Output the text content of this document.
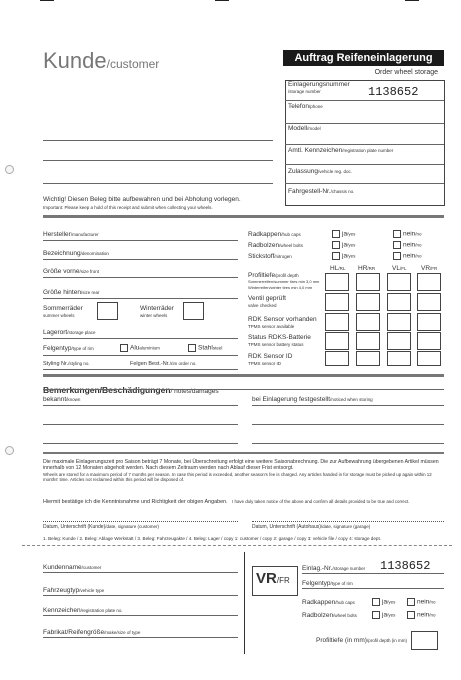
Kunde/customer	Auftrag Reifeneinlagerung
Order wheel storage
Einlagerungsnummer
/storage number	1138652
Telefon/phone
Modell/model
Amtl. Kennzeichen/registration plate number
Zulassung/vehicle reg. doc.
Fahrgestell-Nr./chassis no.
Wichtig! Diesen Beleg bitte aufbewahren und bei Abholung vorlegen.
Important: Please keep a hold of this receipt and submit when collecting your wheels.
Hersteller/manufacturer
Bezeichnung/denomination
Größe vorne/size front
Größe hinten/size rear
Sommerräder
summer wheels
Winterräder
winter wheels
Lagerort/storage place
Felgentyp/type of rim	Alualuminium	Stahlsteel
Styling Nr./styling no.	Felgen Best.-Nr./rim order no.
Radkappen/hub caps	ja/yes	nein/no
Radbolzen/wheel bolts	ja/yes	nein/no
Stickstoff/nitrogen	ja/yes	nein/no
HL/RL HR/RR	VL/FL VR/FR
Profiltiefe/profil depth
Sommerreifen/summer tires min 3,0 mm
Winterreifen/winter tires min 4,0 mm
Ventil geprüft
valve checked
RDK Sensor vorhanden
TPMS sensor available
Status RDKS-Batterie
TPMS sensor battery status
RDK Sensor ID
TPMS sensor ID
Bemerkungen/Beschädigungen/ notes/damages
bekannt/known	bei Einlagerung festgestellt/noticed when storing
Die maximale Einlagerungszeit pro Saison beträgt 7 Monate, bei Überschreitung erfolgt eine weitere Saisonabrechnung. Die zur Aufbewahrung übergebenen Artikel müssen innerhalb von 12 Monaten abgeholt werden. Nach diesem Zeitraum werden nach Ablauf dieser Frist entsorgt.
Wheels are stored for a maximum period of 7 months per season. In case this period is exceeded, another season's fee is charged. Any articles handed in for storage must be picked up again within 12 months' time. Articles not reclaimed within this period will be disposed of.
Hiermit bestätige ich die Kenntnisnahme und Richtigkeit der obigen Angaben. I have duly taken notice of the above and confirm all details provided to be true and correct.
Datum, Unterschrift (Kunde)/date, signature (customer)	Datum, Unterschrift (Autohaus)/date, signature (garage)
1. Beleg: Kunde / 2. Beleg: Ablage Werkstatt / 3. Beleg: Fahrzeugakte / 4. Beleg: Lager / copy 1: customer / copy 2: garage / copy 3: vehicle file / copy 4: storage dept.
Kundenname/customer
Fahrzeugtyp/vehicle type
Kennzeichen/registration plate no.
Fabrikat/Reifengröße/make/size of type
VR/FR
Einlag.-Nr./storage number 1138652
Felgentyp/type of rim
Radkappen/hub caps	ja/yes	nein/no
Radbolzen/wheel bolts	ja/yes	nein/no
Profiltiefe (in mm)/profil depth (in mm)
